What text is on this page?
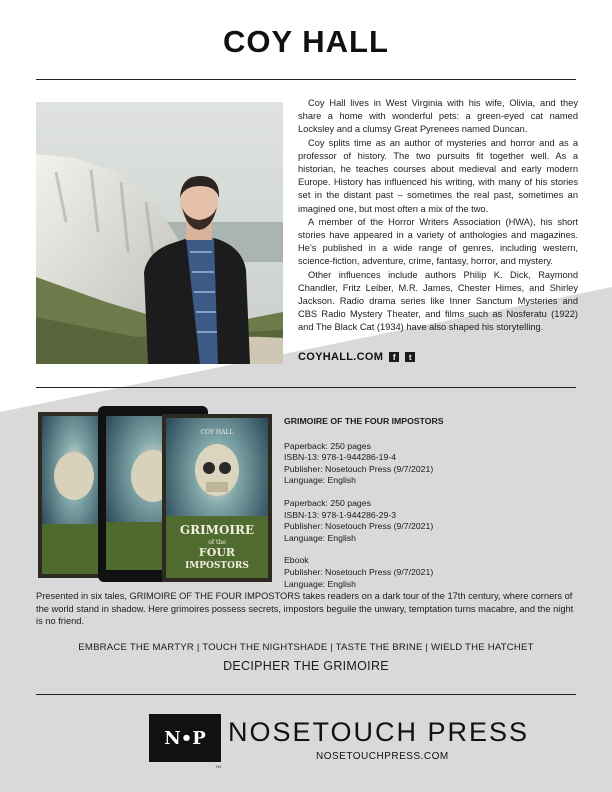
COY HALL

Coy Hall lives in West Virginia with his wife, Olivia, and they share a home with wonderful pets: a green-eyed cat named Locksley and a clumsy Great Pyrenees named Duncan.

Coy splits time as an author of mysteries and horror and as a professor of history. The two pursuits fit together well. As a historian, he teaches courses about medieval and early modern Europe. History has influenced his writing, with many of his stories set in the distant past – sometimes the real past, sometimes an imagined one, but most often a mix of the two.

A member of the Horror Writers Association (HWA), his short stories have appeared in a variety of anthologies and magazines. He’s published in a wide range of genres, including western, science-fiction, adventure, crime, fantasy, horror, and mystery.

Other influences include authors Philip K. Dick, Raymond Chandler, Fritz Leiber, M.R. James, Chester Himes, and Shirley Jackson. Radio drama series like Inner Sanctum Mysteries and CBS Radio Mystery Theater, and films such as Nosferatu (1922) and The Black Cat (1934) have also shaped his storytelling.

COYHALL.COM	f	t
COY HALL
GRIMOIRE
of the
FOUR
IMPOSTORS
GRIMOIRE OF THE FOUR IMPOSTORS
Paperback: 250 pages
ISBN-13: 978-1-944286-19-4
Publisher: Nosetouch Press (9/7/2021)
Language: English
Paperback: 250 pages
ISBN-13: 978-1-944286-29-3
Publisher: Nosetouch Press (9/7/2021)
Language: English
Ebook
Publisher: Nosetouch Press (9/7/2021)
Language: English
Presented in six tales, GRIMOIRE OF THE FOUR IMPOSTORS takes readers on a dark tour of the 17th century, where corners of the world stand in shadow. Here grimoires possess secrets, impostors beguile the unwary, temptation turns macabre, and the night is no friend.
EMBRACE THE MARTYR | TOUCH THE NIGHTSHADE | TASTE THE BRINE | WIELD THE HATCHET
DECIPHER THE GRIMOIRE
N•P
TM
NOSETOUCH PRESS
NOSETOUCHPRESS.COM
